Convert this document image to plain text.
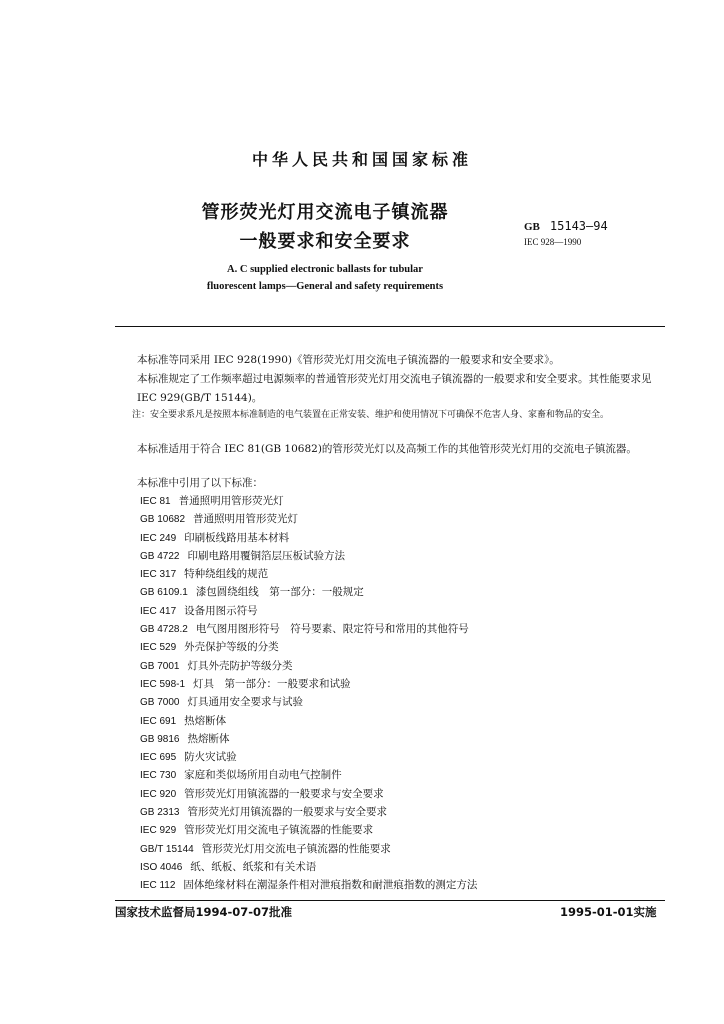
中华人民共和国国家标准
管形荧光灯用交流电子镇流器
一般要求和安全要求
GB 15143—94
IEC 928—1990
A. C supplied electronic ballasts for tubular
fluorescent lamps—General and safety requirements
本标准等同采用 IEC 928(1990)《管形荧光灯用交流电子镇流器的一般要求和安全要求》。
本标准规定了工作频率超过电源频率的普通管形荧光灯用交流电子镇流器的一般要求和安全要求。其性能要求见 IEC 929(GB/T 15144)。
注：安全要求系凡是按照本标准制造的电气装置在正常安装、维护和使用情况下可确保不危害人身、家畜和物品的安全。
本标准适用于符合 IEC 81(GB 10682)的管形荧光灯以及高频工作的其他管形荧光灯用的交流电子镇流器。
本标准中引用了以下标准：
IEC 81 普通照明用管形荧光灯
GB 10682 普通照明用管形荧光灯
IEC 249 印刷板线路用基本材料
GB 4722 印刷电路用覆铜箔层压板试验方法
IEC 317 特种绕组线的规范
GB 6109.1 漆包圆绕组线　第一部分：一般规定
IEC 417 设备用图示符号
GB 4728.2 电气图用图形符号　符号要素、限定符号和常用的其他符号
IEC 529 外壳保护等级的分类
GB 7001 灯具外壳防护等级分类
IEC 598-1 灯具　第一部分：一般要求和试验
GB 7000 灯具通用安全要求与试验
IEC 691 热熔断体
GB 9816 热熔断体
IEC 695 防火灾试验
IEC 730 家庭和类似场所用自动电气控制件
IEC 920 管形荧光灯用镇流器的一般要求与安全要求
GB 2313 管形荧光灯用镇流器的一般要求与安全要求
IEC 929 管形荧光灯用交流电子镇流器的性能要求
GB/T 15144 管形荧光灯用交流电子镇流器的性能要求
ISO 4046 纸、纸板、纸浆和有关术语
IEC 112 固体绝缘材料在潮湿条件相对泄痕指数和耐泄痕指数的测定方法
国家技术监督局1994-07-07批准	1995-01-01实施
